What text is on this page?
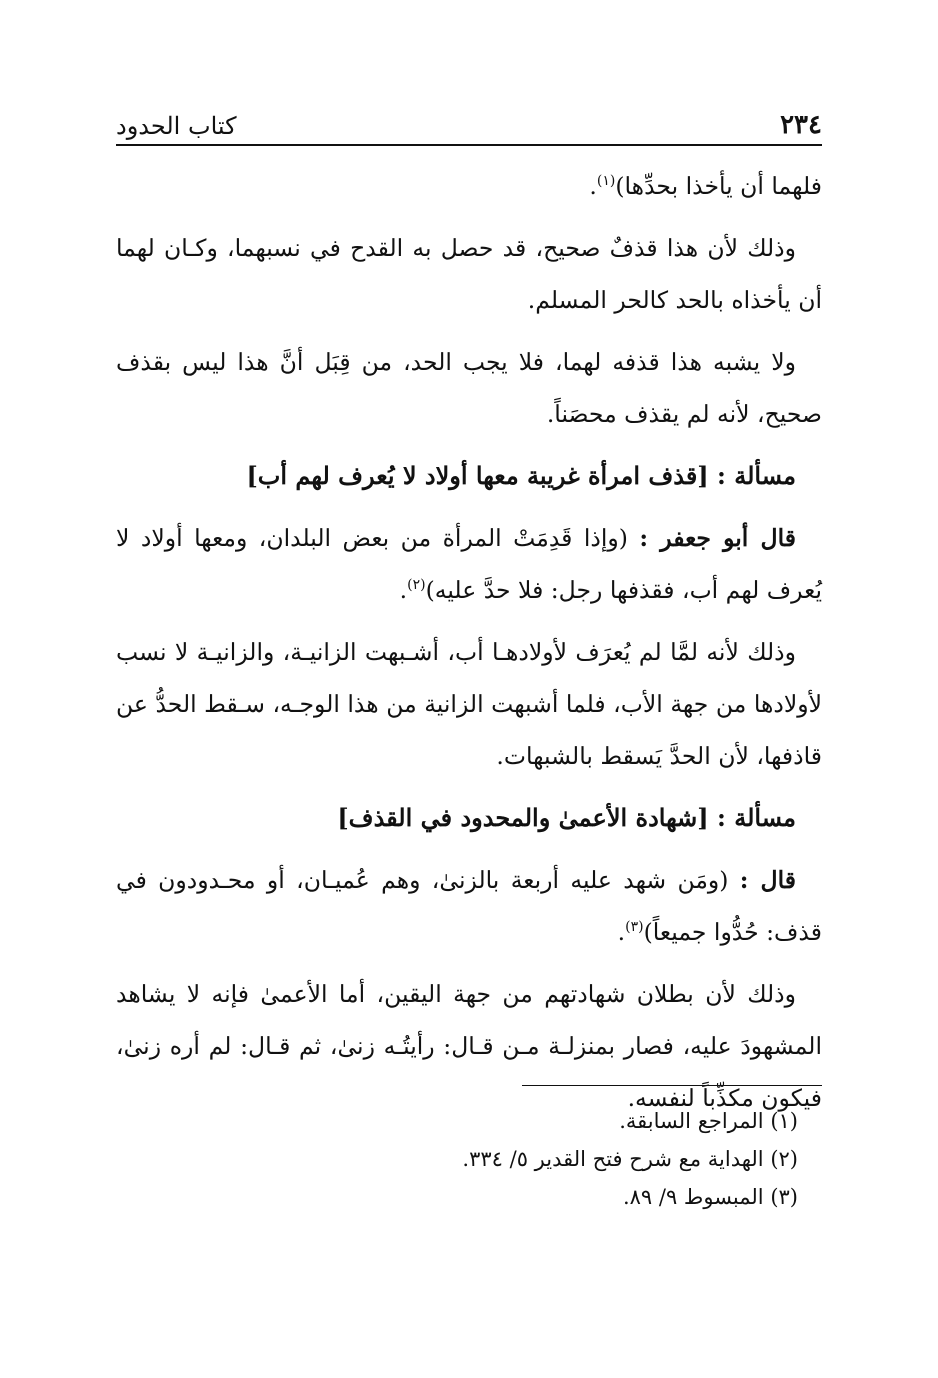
٢٣٤
كتاب الحدود

فلهما أن يأخذا بحدِّها)$^{(١)}$.

وذلك لأن هذا قذفٌ صحيح، قد حصل به القدح في نسبهما، وكـان لهما أن يأخذاه بالحد كالحر المسلم.

ولا يشبه هذا قذفه لهما، فلا يجب الحد، من قِبَل أنَّ هذا ليس بقذف صحيح، لأنه لم يقذف محصَناً.

مسألة : [قذف امرأة غريبة معها أولاد لا يُعرف لهم أب]

قال أبو جعفر : (وإذا قَدِمَتْ المرأة من بعض البلدان، ومعها أولاد لا يُعرف لهم أب، فقذفها رجل: فلا حدَّ عليه)$^{(٢)}$.

وذلك لأنه لمَّا لم يُعرَف لأولادهـا أب، أشـبهت الزانيـة، والزانيـة لا نسب لأولادها من جهة الأب، فلما أشبهت الزانية من هذا الوجـه، سـقط الحدُّ عن قاذفها، لأن الحدَّ يَسقط بالشبهات.

مسألة : [شهادة الأعمىٰ والمحدود في القذف]

قال : (ومَن شهد عليه أربعة بالزنىٰ، وهم عُميـان، أو محـدودون في قذف: حُدُّوا جميعاً)$^{(٣)}$.

وذلك لأن بطلان شهادتهم من جهة اليقين، أما الأعمىٰ فإنه لا يشاهد المشهودَ عليه، فصار بمنزلـة مـن قـال: رأيتُـه زنىٰ، ثم قـال: لم أره زنىٰ، فيكون مكذِّباً لنفسه.

(١) المراجع السابقة.

(٢) الهداية مع شرح فتح القدير ٥/ ٣٣٤.

(٣) المبسوط ٩/ ٨٩.
